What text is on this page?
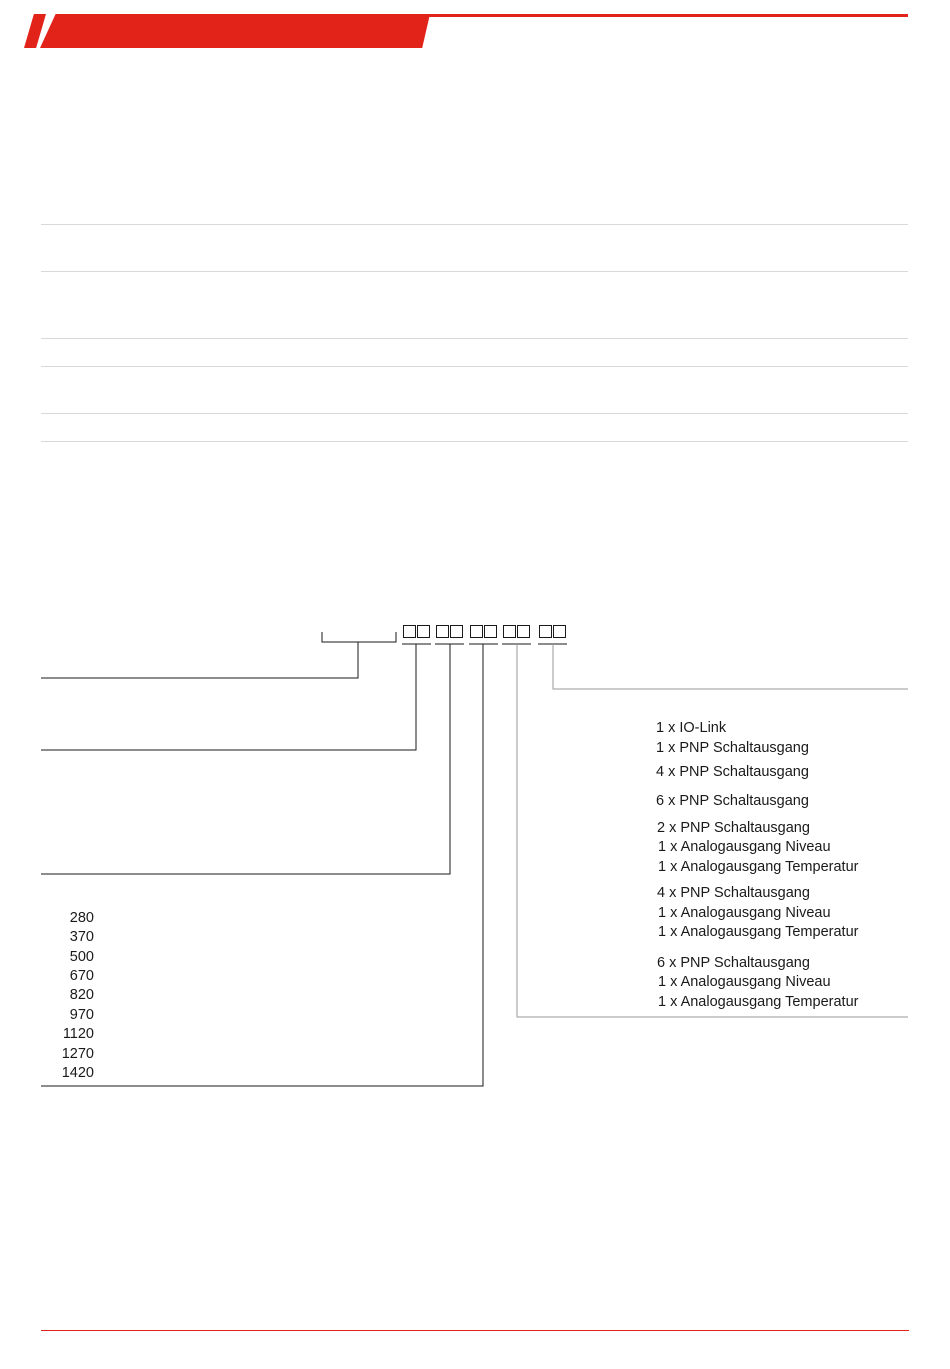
280
370
500
670
820
970
1120
1270
1420
1 x IO-Link
1 x PNP Schaltausgang
4 x PNP Schaltausgang
6 x PNP Schaltausgang
2 x PNP Schaltausgang
1 x Analogausgang Niveau
1 x Analogausgang Temperatur
4 x PNP Schaltausgang
1 x Analogausgang Niveau
1 x Analogausgang Temperatur
6 x PNP Schaltausgang
1 x Analogausgang Niveau
1 x Analogausgang Temperatur
